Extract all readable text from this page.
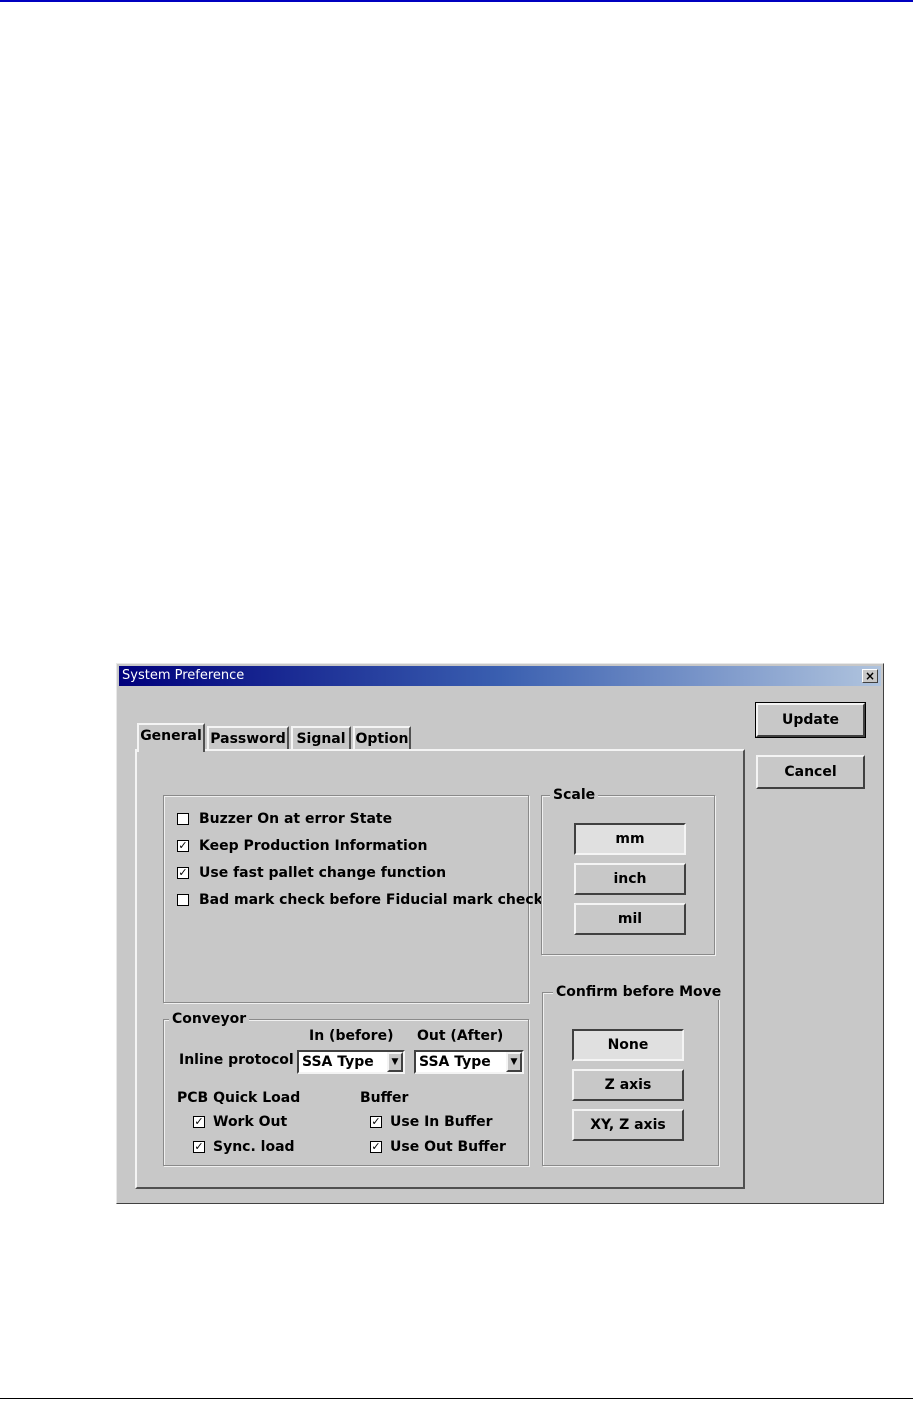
System Preference	×
General Password Signal Option
Buzzer On at error State
✓ Keep Production Information
✓ Use fast pallet change function
Bad mark check before Fiducial mark check
Scale
mm
inch
mil
Confirm before Move
None
Z axis
XY, Z axis
Conveyor
In (before) Out (After)
Inline protocol SSA Type	▼	SSA Type	▼
PCB Quick Load	Buffer
✓ Work Out
✓ Sync. load
✓ Use In Buffer
✓ Use Out Buffer
Update
Cancel
